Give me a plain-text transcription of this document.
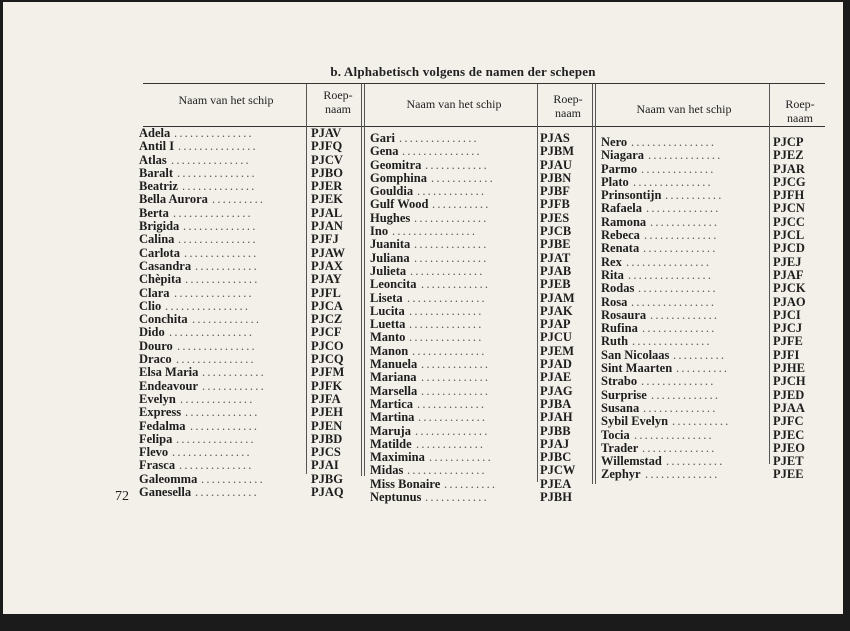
b. Alphabetisch volgens de namen der schepen
Naam van het schip	Roep-
naam	Naam van het schip	Roep-
naam	Naam van het schip	Roep-
naam
...............
Adela	PJAV
...............
Antil I	PJFQ
...............
Atlas	PJCV
...............
Baralt	PJBO
..............
Beatriz	PJER
..........
Bella Aurora	PJEK
...............
Berta	PJAL
..............
Brigida	PJAN
...............
Calina	PJFJ
..............
Carlota	PJAW
............
Casandra	PJAX
..............
Chèpita	PJAY
...............
Clara	PJFL
................
Clio	PJCA
.............
Conchita	PJCZ
................
Dido	PJCF
...............
Douro	PJCO
...............
Draco	PJCQ
............
Elsa Maria	PJFM
............
Endeavour	PJFK
..............
Evelyn	PJFA
..............
Express	PJEH
.............
Fedalma	PJEN
...............
Felipa	PJBD
...............
Flevo	PJCS
..............
Frasca	PJAI
............
Galeomma	PJBG
............
Ganesella	PJAQ
...............
Gari	PJAS
...............
Gena	PJBM
............
Geomitra	PJAU
............
Gomphina	PJBN
.............
Gouldia	PJBF
...........
Gulf Wood	PJFB
..............
Hughes	PJES
................
Ino	PJCB
..............
Juanita	PJBE
..............
Juliana	PJAT
..............
Julieta	PJAB
.............
Leoncita	PJEB
...............
Liseta	PJAM
..............
Lucita	PJAK
..............
Luetta	PJAP
..............
Manto	PJCU
..............
Manon	PJEM
.............
Manuela	PJAD
.............
Mariana	PJAE
.............
Marsella	PJAG
.............
Martica	PJBA
.............
Martina	PJAH
..............
Maruja	PJBB
.............
Matilde	PJAJ
............
Maximina	PJBC
...............
Midas	PJCW
..........
Miss Bonaire	PJEA
............
Neptunus	PJBH
................
Nero	PJCP
..............
Niagara	PJEZ
..............
Parmo	PJAR
...............
Plato	PJCG
...........
Prinsontijn	PJFH
..............
Rafaela	PJCN
.............
Ramona	PJCC
..............
Rebeca	PJCL
..............
Renata	PJCD
................
Rex	PJEJ
................
Rita	PJAF
...............
Rodas	PJCK
................
Rosa	PJAO
.............
Rosaura	PJCI
..............
Rufina	PJCJ
...............
Ruth	PJFE
..........
San Nicolaas	PJFI
..........
Sint Maarten	PJHE
..............
Strabo	PJCH
.............
Surprise	PJED
..............
Susana	PJAA
...........
Sybil Evelyn	PJFC
...............
Tocia	PJEC
..............
Trader	PJEO
...........
Willemstad	PJET
..............
Zephyr	PJEE
72
